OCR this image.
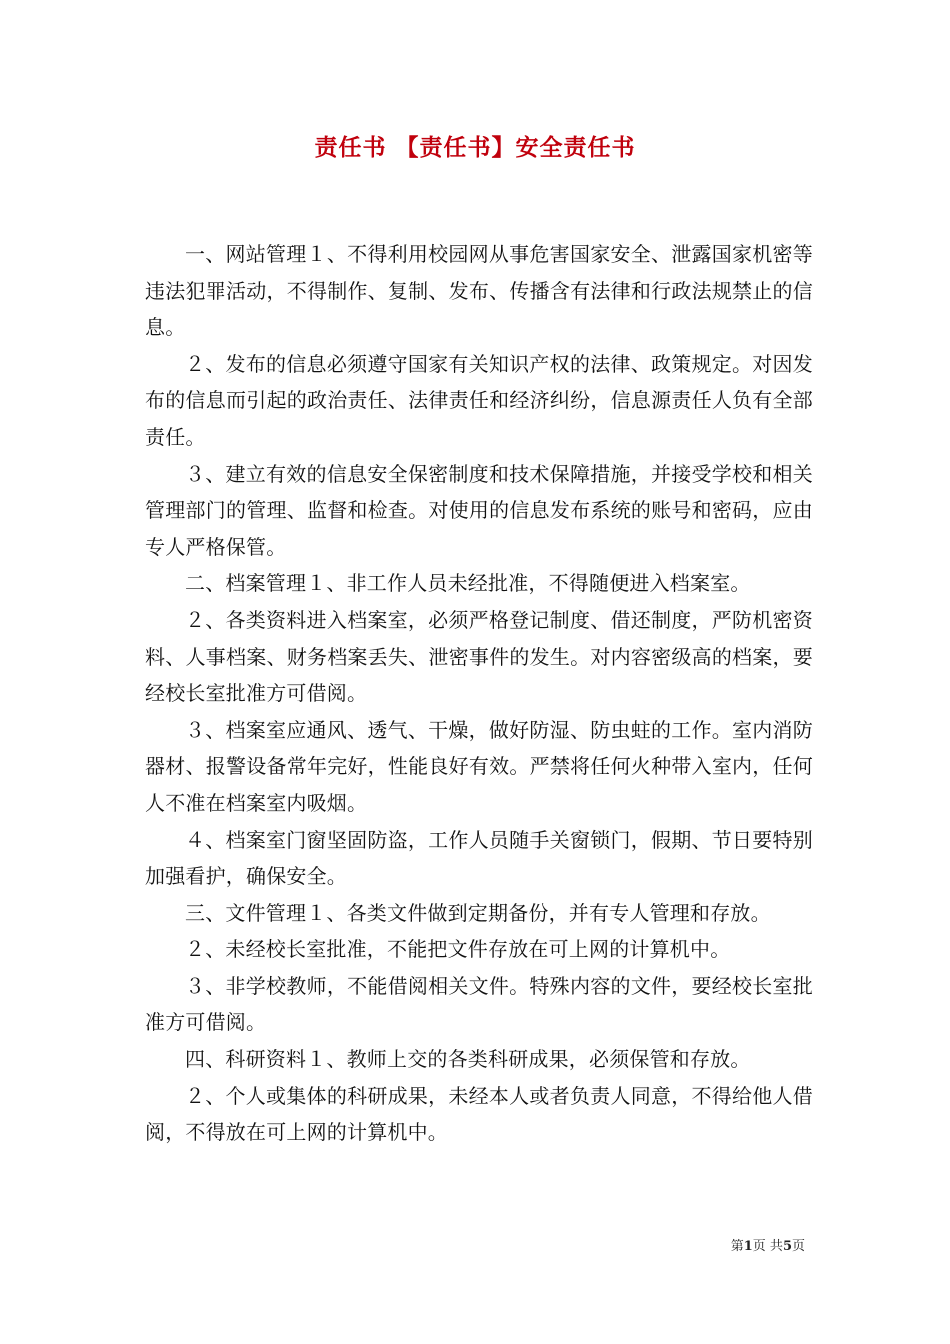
责任书 【责任书】安全责任书

一、网站管理１、不得利用校园网从事危害国家安全、泄露国家机密等违法犯罪活动，不得制作、复制、发布、传播含有法律和行政法规禁止的信息。

２、发布的信息必须遵守国家有关知识产权的法律、政策规定。对因发布的信息而引起的政治责任、法律责任和经济纠纷，信息源责任人负有全部责任。

３、建立有效的信息安全保密制度和技术保障措施，并接受学校和相关管理部门的管理、监督和检查。对使用的信息发布系统的账号和密码，应由专人严格保管。

二、档案管理１、非工作人员未经批准，不得随便进入档案室。

２、各类资料进入档案室，必须严格登记制度、借还制度，严防机密资料、人事档案、财务档案丢失、泄密事件的发生。对内容密级高的档案，要经校长室批准方可借阅。

３、档案室应通风、透气、干燥，做好防湿、防虫蛀的工作。室内消防器材、报警设备常年完好，性能良好有效。严禁将任何火种带入室内，任何人不准在档案室内吸烟。

４、档案室门窗坚固防盗，工作人员随手关窗锁门，假期、节日要特别加强看护，确保安全。

三、文件管理１、各类文件做到定期备份，并有专人管理和存放。

２、未经校长室批准，不能把文件存放在可上网的计算机中。

３、非学校教师，不能借阅相关文件。特殊内容的文件，要经校长室批准方可借阅。

四、科研资料１、教师上交的各类科研成果，必须保管和存放。

２、个人或集体的科研成果，未经本人或者负责人同意，不得给他人借阅，不得放在可上网的计算机中。

第1页 共5页
